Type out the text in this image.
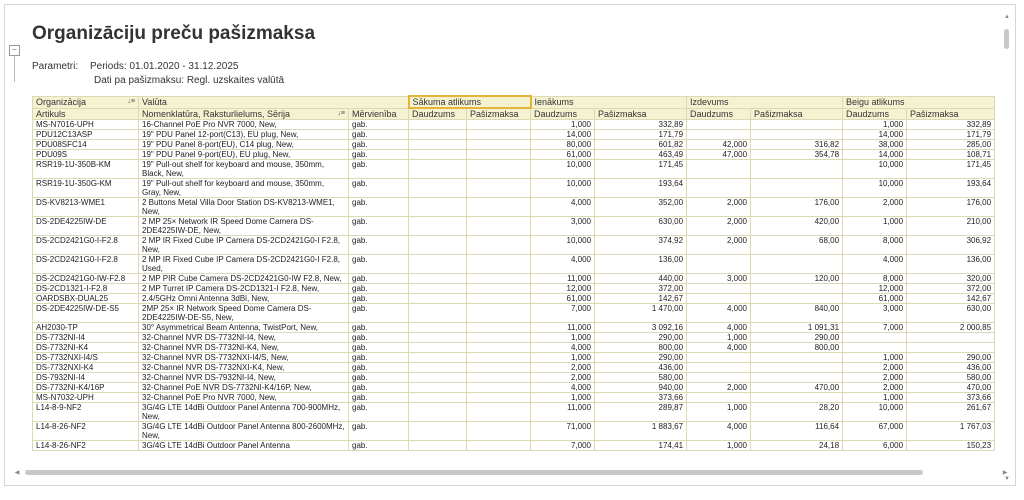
−
Organizāciju preču pašizmaksa
Parametri: Periods: 01.01.2020 - 31.12.2025
Dati pa pašizmaksu: Regl. uzskaites valūtā
Organizācija ↓≡	Valūta		Sākuma atlikums		Ienākums		Izdevums		Beigu atlikums	
Artikuls	Nomenklatūra, Raksturlielums, Sērija ↓≡	Mērvienība	Daudzums	Pašizmaksa	Daudzums	Pašizmaksa	Daudzums	Pašizmaksa	Daudzums	Pašizmaksa
MS-N7016-UPH	16-Channel PoE Pro NVR 7000, New,	gab.			1,000	332,89			1,000	332,89
PDU12C13ASP	19" PDU Panel 12-port(C13), EU plug, New,	gab.			14,000	171,79			14,000	171,79
PDU08SFC14	19" PDU Panel 8-port(EU), C14 plug, New,	gab.			80,000	601,82	42,000	316,82	38,000	285,00
PDU09S	19" PDU Panel 9-port(EU), EU plug, New,	gab.			61,000	463,49	47,000	354,78	14,000	108,71
RSR19-1U-350B-KM	19" Pull-out shelf for keyboard and mouse, 350mm, Black, New,	gab.			10,000	171,45			10,000	171,45
RSR19-1U-350G-KM	19" Pull-out shelf for keyboard and mouse, 350mm, Gray, New,	gab.			10,000	193,64			10,000	193,64
DS-KV8213-WME1	2 Buttons Metal Villa Door Station DS-KV8213-WME1, New,	gab.			4,000	352,00	2,000	176,00	2,000	176,00
DS-2DE4225IW-DE	2 MP 25× Network IR Speed Dome Camera DS-2DE4225IW-DE, New,	gab.			3,000	630,00	2,000	420,00	1,000	210,00
DS-2CD2421G0-I-F2.8	2 MP IR Fixed Cube IP Camera DS-2CD2421G0-I F2.8, New,	gab.			10,000	374,92	2,000	68,00	8,000	306,92
DS-2CD2421G0-I-F2.8	2 MP IR Fixed Cube IP Camera DS-2CD2421G0-I F2.8, Used,	gab.			4,000	136,00			4,000	136,00
DS-2CD2421G0-IW-F2.8	2 MP PIR Cube Camera DS-2CD2421G0-IW F2.8, New,	gab.			11,000	440,00	3,000	120,00	8,000	320,00
DS-2CD1321-I-F2.8	2 MP Turret IP Camera DS-2CD1321-I F2.8, New,	gab.			12,000	372,00			12,000	372,00
OARDSBX-DUAL25	2.4/5GHz Omni Antenna 3dBi, New,	gab.			61,000	142,67			61,000	142,67
DS-2DE4225IW-DE-S5	2MP 25× IR Network Speed Dome Camera DS-2DE4225IW-DE-S5, New,	gab.			7,000	1 470,00	4,000	840,00	3,000	630,00
AH2030-TP	30° Asymmetrical Beam Antenna, TwistPort, New,	gab.			11,000	3 092,16	4,000	1 091,31	7,000	2 000,85
DS-7732NI-I4	32-Channel NVR DS-7732NI-I4, New,	gab.			1,000	290,00	1,000	290,00		
DS-7732NI-K4	32-Channel NVR DS-7732NI-K4, New,	gab.			4,000	800,00	4,000	800,00		
DS-7732NXI-I4/S	32-Channel NVR DS-7732NXI-I4/S, New,	gab.			1,000	290,00			1,000	290,00
DS-7732NXI-K4	32-Channel NVR DS-7732NXI-K4, New,	gab.			2,000	436,00			2,000	436,00
DS-7932NI-I4	32-Channel NVR DS-7932NI-I4, New,	gab.			2,000	580,00			2,000	580,00
DS-7732NI-K4/16P	32-Channel PoE NVR DS-7732NI-K4/16P, New,	gab.			4,000	940,00	2,000	470,00	2,000	470,00
MS-N7032-UPH	32-Channel PoE Pro NVR 7000, New,	gab.			1,000	373,66			1,000	373,66
L14-8-9-NF2	3G/4G LTE 14dBi Outdoor Panel Antenna 700-900MHz, New,	gab.			11,000	289,87	1,000	28,20	10,000	261,67
L14-8-26-NF2	3G/4G LTE 14dBi Outdoor Panel Antenna 800-2600MHz, New,	gab.			71,000	1 883,67	4,000	116,64	67,000	1 767,03
L14-8-26-NF2	3G/4G LTE 14dBi Outdoor Panel Antenna	gab.			7,000	174,41	1,000	24,18	6,000	150,23
▲
▼
◀	▶
